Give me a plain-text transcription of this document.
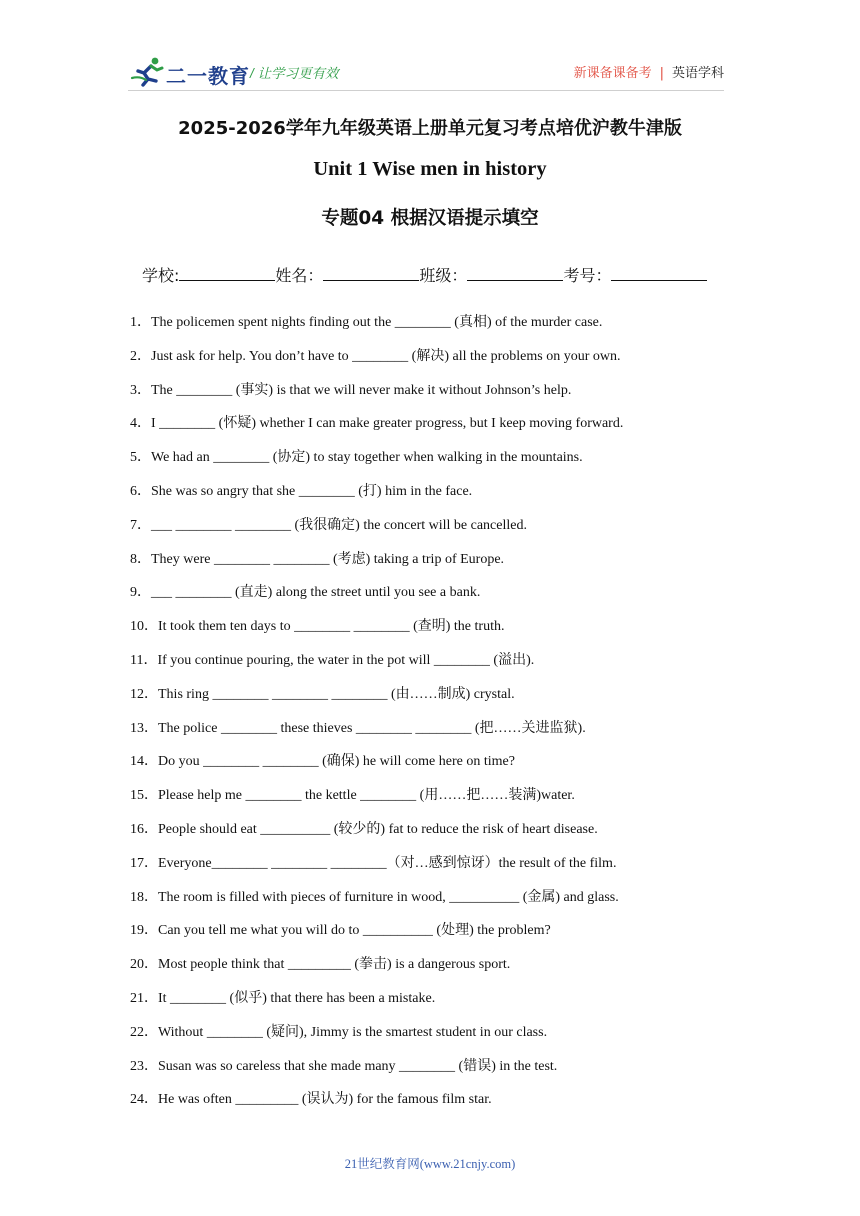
二一教育 / 让学习更有效	新课备课备考 | 英语学科
2025-2026学年九年级英语上册单元复习考点培优沪教牛津版
Unit 1 Wise men in history
专题04 根据汉语提示填空
学校:	姓名：	班级：	考号：
1．The policemen spent nights finding out the ________ (真相) of the murder case.
2．Just ask for help. You don’t have to ________ (解决) all the problems on your own.
3．The ________ (事实) is that we will never make it without Johnson’s help.
4．I ________ (怀疑) whether I can make greater progress, but I keep moving forward.
5．We had an ________ (协定) to stay together when walking in the mountains.
6．She was so angry that she ________ (打) him in the face.
7．___ ________ ________ (我很确定) the concert will be cancelled.
8．They were ________ ________ (考虑) taking a trip of Europe.
9．___ ________ (直走) along the street until you see a bank.
10．It took them ten days to ________ ________ (查明) the truth.
11．If you continue pouring, the water in the pot will ________ (溢出).
12．This ring ________ ________ ________ (由……制成) crystal.
13．The police ________ these thieves ________ ________ (把……关进监狱).
14．Do you ________ ________ (确保) he will come here on time?
15．Please help me ________ the kettle ________ (用……把……装满)water.
16．People should eat __________ (较少的) fat to reduce the risk of heart disease.
17．Everyone________ ________ ________（对…感到惊讶）the result of the film.
18．The room is filled with pieces of furniture in wood, __________ (金属) and glass.
19．Can you tell me what you will do to __________ (处理) the problem?
20．Most people think that _________ (拳击) is a dangerous sport.
21．It ________ (似乎) that there has been a mistake.
22．Without ________ (疑问), Jimmy is the smartest student in our class.
23．Susan was so careless that she made many ________ (错误) in the test.
24．He was often _________ (误认为) for the famous film star.
21世纪教育网(www.21cnjy.com)
